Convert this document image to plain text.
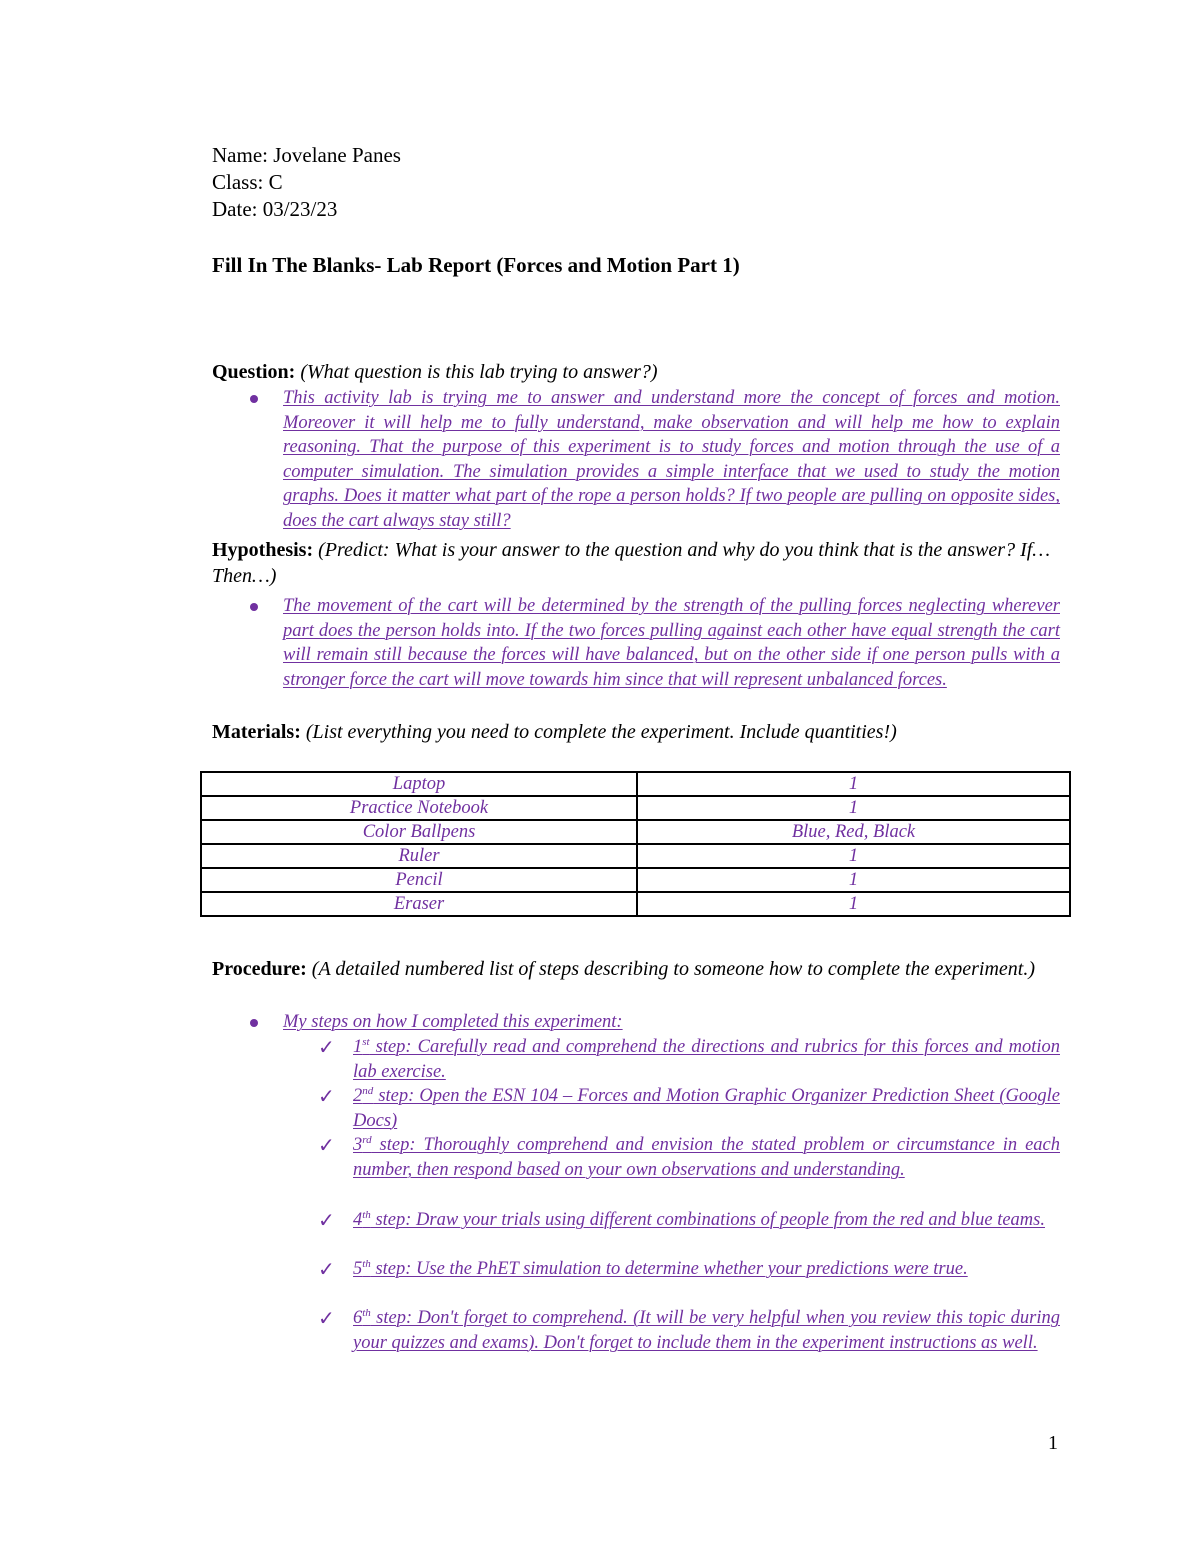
Name: Jovelane Panes
Class: C
Date: 03/23/23
Fill In The Blanks- Lab Report (Forces and Motion Part 1)
Question: (What question is this lab trying to answer?)
This activity lab is trying me to answer and understand more the concept of forces and motion. Moreover it will help me to fully understand, make observation and will help me how to explain reasoning. That the purpose of this experiment is to study forces and motion through the use of a computer simulation. The simulation provides a simple interface that we used to study the motion graphs. Does it matter what part of the rope a person holds? If two people are pulling on opposite sides, does the cart always stay still?
Hypothesis: (Predict: What is your answer to the question and why do you think that is the answer? If…Then…)
The movement of the cart will be determined by the strength of the pulling forces neglecting wherever part does the person holds into. If the two forces pulling against each other have equal strength the cart will remain still because the forces will have balanced, but on the other side if one person pulls with a stronger force the cart will move towards him since that will represent unbalanced forces.
Materials: (List everything you need to complete the experiment. Include quantities!)
Laptop	1
Practice Notebook	1
Color Ballpens	Blue, Red, Black
Ruler	1
Pencil	1
Eraser	1
Procedure: (A detailed numbered list of steps describing to someone how to complete the experiment.)
My steps on how I completed this experiment:
✓ 1st step: Carefully read and comprehend the directions and rubrics for this forces and motion lab exercise.
✓ 2nd step: Open the ESN 104 – Forces and Motion Graphic Organizer Prediction Sheet (Google Docs)
✓ 3rd step: Thoroughly comprehend and envision the stated problem or circumstance in each number, then respond based on your own observations and understanding.
✓ 4th step: Draw your trials using different combinations of people from the red and blue teams.
✓ 5th step: Use the PhET simulation to determine whether your predictions were true.
✓ 6th step: Don't forget to comprehend. (It will be very helpful when you review this topic during your quizzes and exams). Don't forget to include them in the experiment instructions as well.
1
